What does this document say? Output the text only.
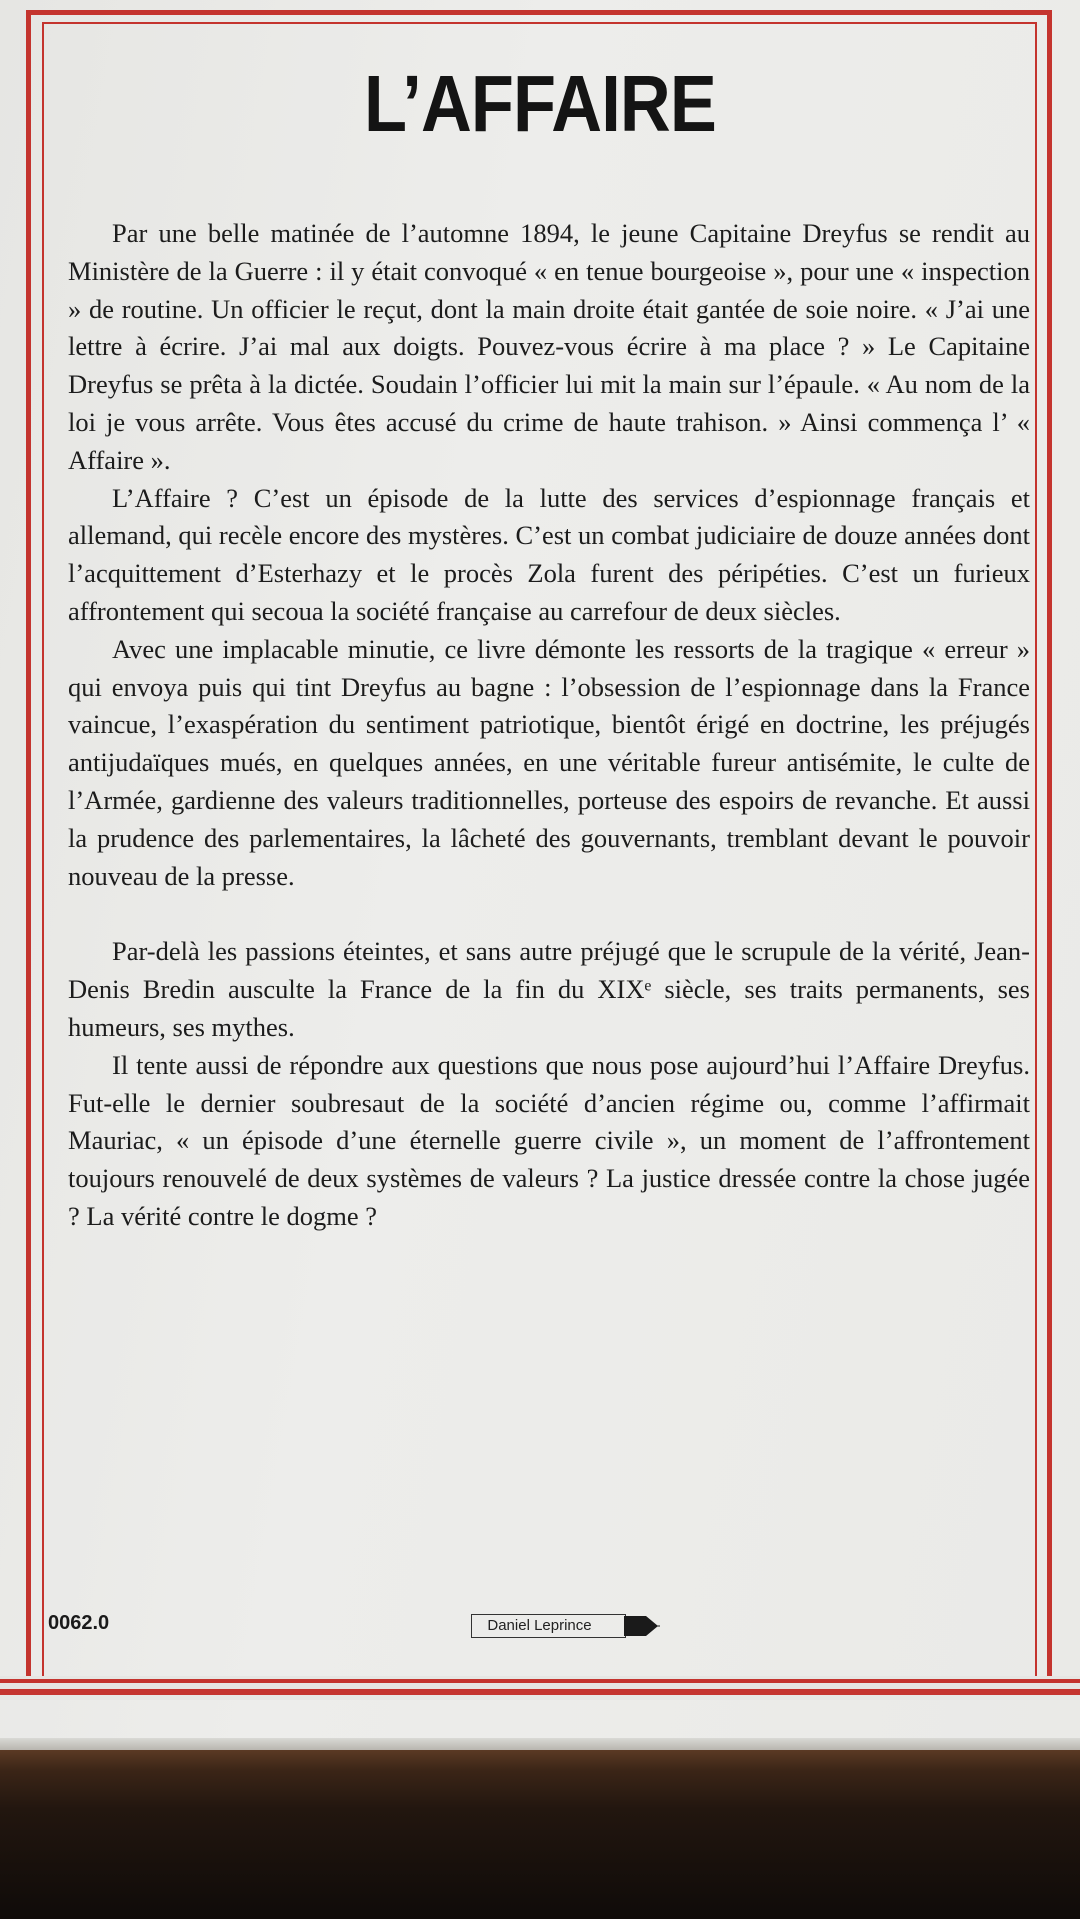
L’AFFAIRE

Par une belle matinée de l’automne 1894, le jeune Capitaine Dreyfus se rendit au Ministère de la Guerre : il y était convoqué « en tenue bourgeoise », pour une « inspection » de routine. Un officier le reçut, dont la main droite était gantée de soie noire. « J’ai une lettre à écrire. J’ai mal aux doigts. Pouvez-vous écrire à ma place ? » Le Capitaine Dreyfus se prêta à la dictée. Soudain l’officier lui mit la main sur l’épaule. « Au nom de la loi je vous arrête. Vous êtes accusé du crime de haute trahison. » Ainsi commença l’ « Affaire ».

L’Affaire ? C’est un épisode de la lutte des services d’espionnage français et allemand, qui recèle encore des mystères. C’est un combat judiciaire de douze années dont l’acquittement d’Esterhazy et le procès Zola furent des péripéties. C’est un furieux affrontement qui secoua la société française au carrefour de deux siècles.

Avec une implacable minutie, ce livre démonte les ressorts de la tragique « erreur » qui envoya puis qui tint Dreyfus au bagne : l’obsession de l’espionnage dans la France vaincue, l’exaspération du sentiment patriotique, bientôt érigé en doctrine, les préjugés antijudaïques mués, en quelques années, en une véritable fureur antisémite, le culte de l’Armée, gardienne des valeurs traditionnelles, porteuse des espoirs de revanche. Et aussi la prudence des parlementaires, la lâcheté des gouvernants, tremblant devant le pouvoir nouveau de la presse.

Par-delà les passions éteintes, et sans autre préjugé que le scrupule de la vérité, Jean-Denis Bredin ausculte la France de la fin du XIXᵉ siècle, ses traits permanents, ses humeurs, ses mythes.

Il tente aussi de répondre aux questions que nous pose aujourd’hui l’Affaire Dreyfus. Fut-elle le dernier soubresaut de la société d’ancien régime ou, comme l’affirmait Mauriac, « un épisode d’une éternelle guerre civile », un moment de l’affrontement toujours renouvelé de deux systèmes de valeurs ? La justice dressée contre la chose jugée ? La vérité contre le dogme ?

0062.0	Daniel Leprince
